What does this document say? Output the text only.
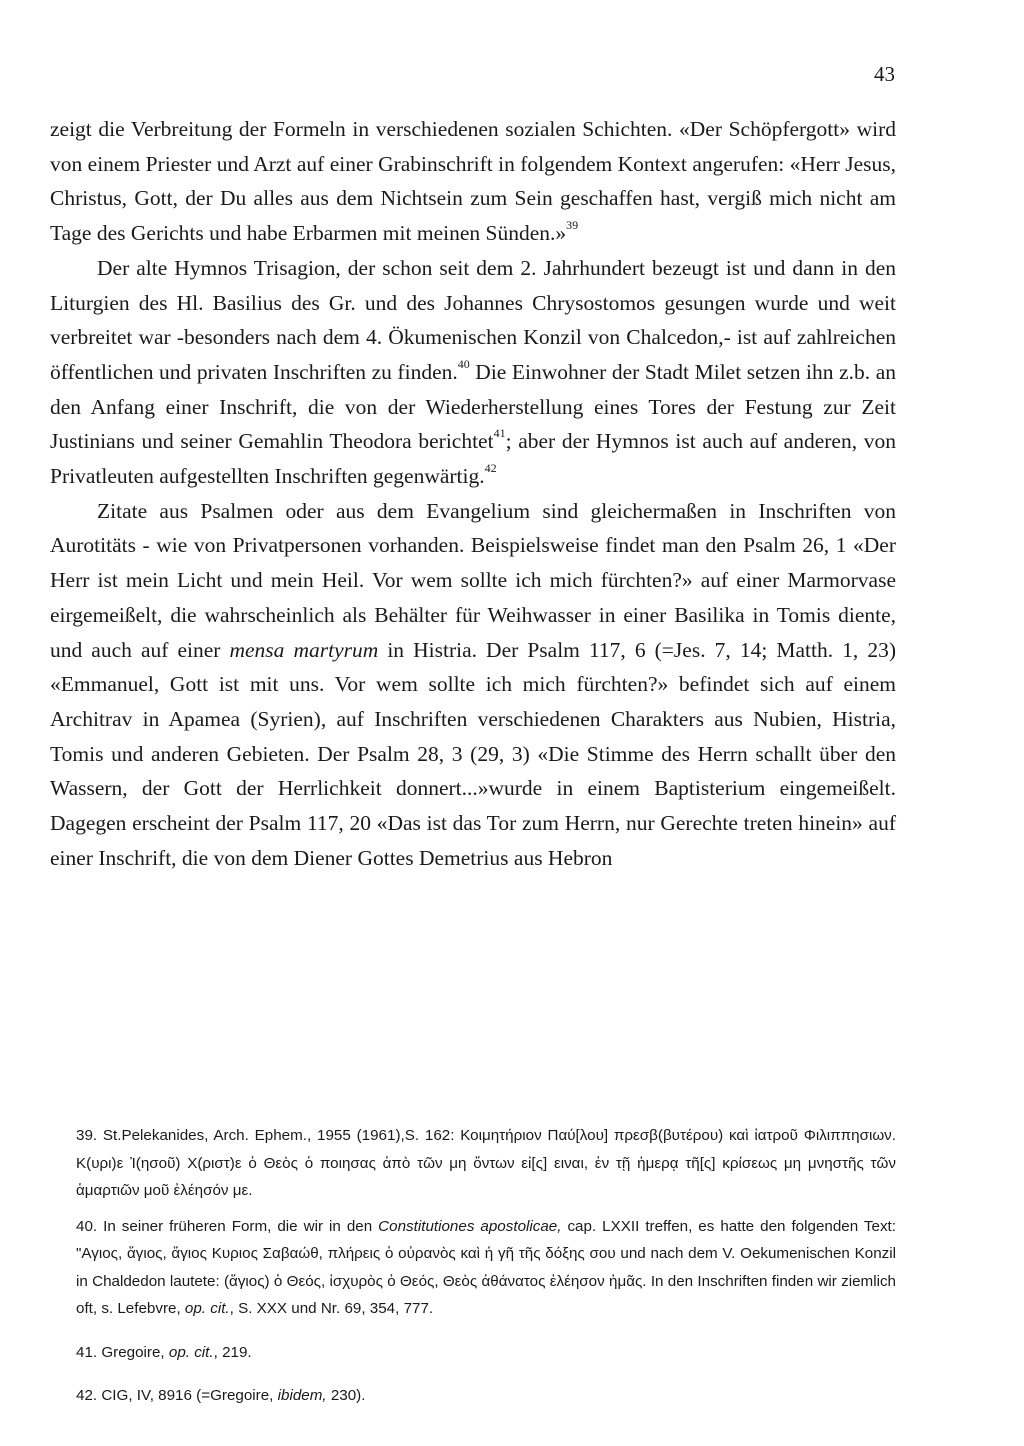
43

zeigt die Verbreitung der Formeln in verschiedenen sozialen Schichten. «Der Schöpfergott» wird von einem Priester und Arzt auf einer Grabinschrift in folgendem Kontext angerufen: «Herr Jesus, Christus, Gott, der Du alles aus dem Nichtsein zum Sein geschaffen hast, vergiß mich nicht am Tage des Gerichts und habe Erbarmen mit meinen Sünden.»$^{39}$

Der alte Hymnos Trisagion, der schon seit dem 2. Jahrhundert bezeugt ist und dann in den Liturgien des Hl. Basilius des Gr. und des Johannes Chrysostomos gesungen wurde und weit verbreitet war -besonders nach dem 4. Ökumenischen Konzil von Chalcedon,- ist auf zahlreichen öffentlichen und privaten Inschriften zu finden.$^{40}$ Die Einwohner der Stadt Milet setzen ihn z.b. an den Anfang einer Inschrift, die von der Wiederherstellung eines Tores der Festung zur Zeit Justinians und seiner Gemahlin Theodora berichtet$^{41}$; aber der Hymnos ist auch auf anderen, von Privatleuten aufgestellten Inschriften gegenwärtig.$^{42}$

Zitate aus Psalmen oder aus dem Evangelium sind gleichermaßen in Inschriften von Aurotitäts - wie von Privatpersonen vorhanden. Beispielsweise findet man den Psalm 26, 1 «Der Herr ist mein Licht und mein Heil. Vor wem sollte ich mich fürchten?» auf einer Marmorvase eirgemeißelt, die wahrscheinlich als Behälter für Weihwasser in einer Basilika in Tomis diente, und auch auf einer mensa martyrum in Histria. Der Psalm 117, 6 (=Jes. 7, 14; Matth. 1, 23) «Emmanuel, Gott ist mit uns. Vor wem sollte ich mich fürchten?» befindet sich auf einem Architrav in Apamea (Syrien), auf Inschriften verschiedenen Charakters aus Nubien, Histria, Tomis und anderen Gebieten. Der Psalm 28, 3 (29, 3) «Die Stimme des Herrn schallt über den Wassern, der Gott der Herrlichkeit donnert...»wurde in einem Baptisterium eingemeißelt. Dagegen erscheint der Psalm 117, 20 «Das ist das Tor zum Herrn, nur Gerechte treten hinein» auf einer Inschrift, die von dem Diener Gottes Demetrius aus Hebron

39. St.Pelekanides, Arch. Ephem., 1955 (1961),S. 162: Κοιμητήριον Παύ[λου] πρεσβ(βυτέρου) καὶ ἰατροῦ Φιλιππησιων. Κ(υρι)ε Ἰ(ησοῦ) Χ(ριστ)ε ὁ Θεὸς ὁ ποιησας ἀπὸ τῶν μη ὄντων εἰ[ς] ειναι, ἐν τῇ ἡμερᾳ τῆ[ς] κρίσεως μη μνηστῆς τῶν ἁμαρτιῶν μοῦ ἐλέησόν με.

40. In seiner früheren Form, die wir in den Constitutiones apostolicae, cap. LXXII treffen, es hatte den folgenden Text: "Αγιος, ἅγιος, ἅγιος Κυριος Σαβαώθ, πλήρεις ὁ οὐρανὸς καὶ ἡ γῆ τῆς δόξης σου und nach dem V. Oekumenischen Konzil in Chaldedon lautete: (ἅγιος) ὁ Θεός, ἰσχυρὸς ὁ Θεός, Θεὸς ἀθάνατος ἐλέησον ἡμᾶς. In den Inschriften finden wir ziemlich oft, s. Lefebvre, op. cit., S. XXX und Nr. 69, 354, 777.

41. Gregoire, op. cit., 219.

42. CIG, IV, 8916 (=Gregoire, ibidem, 230).
